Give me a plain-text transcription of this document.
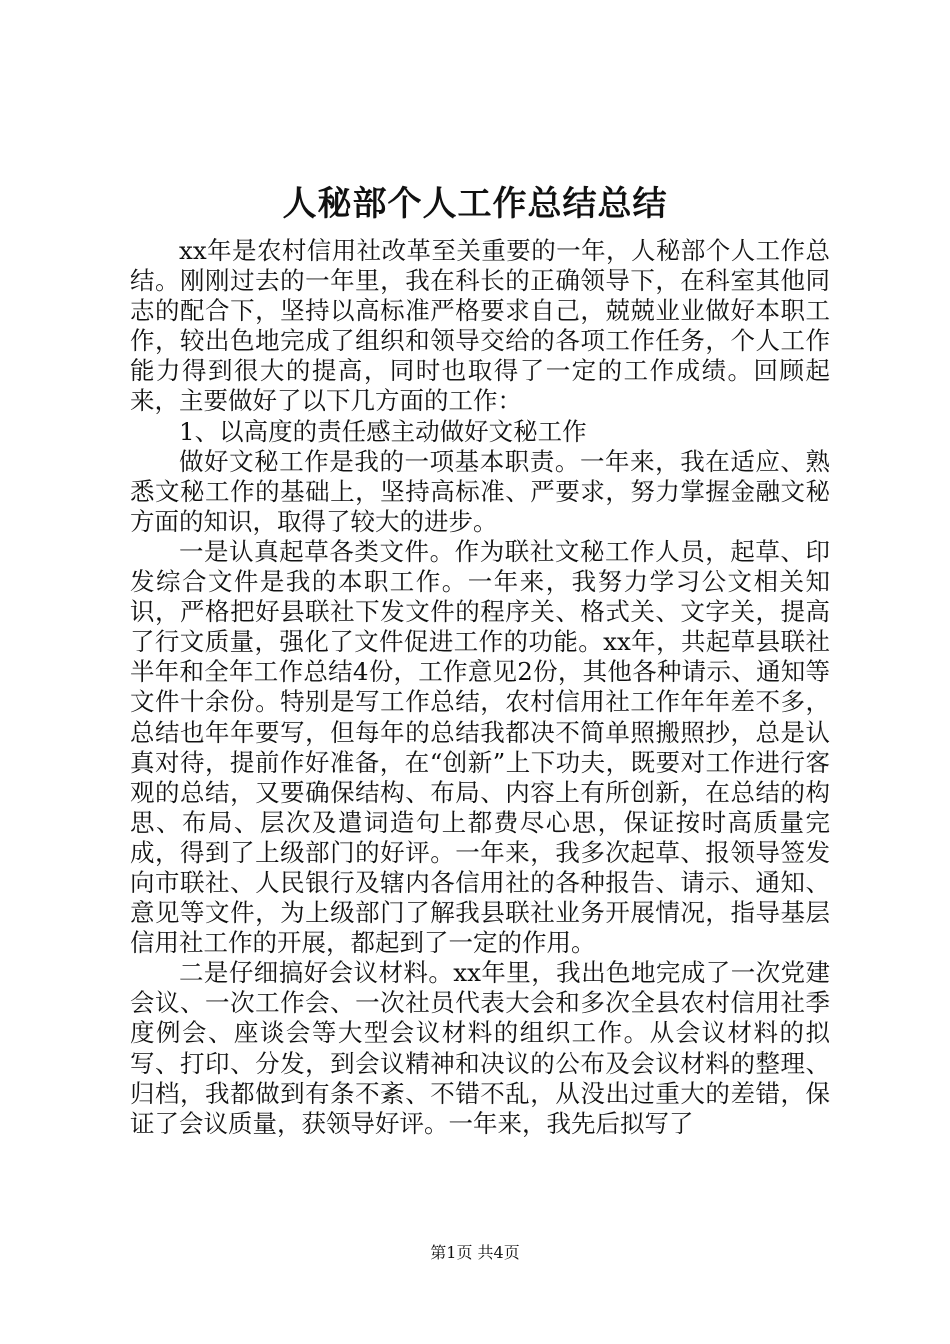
人秘部个人工作总结总结

xx年是农村信用社改革至关重要的一年，人秘部个人工作总结。刚刚过去的一年里，我在科长的正确领导下，在科室其他同志的配合下，坚持以高标准严格要求自己，兢兢业业做好本职工作，较出色地完成了组织和领导交给的各项工作任务，个人工作能力得到很大的提高，同时也取得了一定的工作成绩。回顾起来，主要做好了以下几方面的工作：

1、以高度的责任感主动做好文秘工作

做好文秘工作是我的一项基本职责。一年来，我在适应、熟悉文秘工作的基础上，坚持高标准、严要求，努力掌握金融文秘方面的知识，取得了较大的进步。

一是认真起草各类文件。作为联社文秘工作人员，起草、印发综合文件是我的本职工作。一年来，我努力学习公文相关知识，严格把好县联社下发文件的程序关、格式关、文字关，提高了行文质量，强化了文件促进工作的功能。xx年，共起草县联社半年和全年工作总结4份，工作意见2份，其他各种请示、通知等文件十余份。特别是写工作总结，农村信用社工作年年差不多，总结也年年要写，但每年的总结我都决不简单照搬照抄，总是认真对待，提前作好准备，在“创新”上下功夫，既要对工作进行客观的总结，又要确保结构、布局、内容上有所创新，在总结的构思、布局、层次及遣词造句上都费尽心思，保证按时高质量完成，得到了上级部门的好评。一年来，我多次起草、报领导签发向市联社、人民银行及辖内各信用社的各种报告、请示、通知、意见等文件，为上级部门了解我县联社业务开展情况，指导基层信用社工作的开展，都起到了一定的作用。

二是仔细搞好会议材料。xx年里，我出色地完成了一次党建会议、一次工作会、一次社员代表大会和多次全县农村信用社季度例会、座谈会等大型会议材料的组织工作。从会议材料的拟写、打印、分发，到会议精神和决议的公布及会议材料的整理、归档，我都做到有条不紊、不错不乱，从没出过重大的差错，保证了会议质量，获领导好评。一年来，我先后拟写了

第1页 共4页
